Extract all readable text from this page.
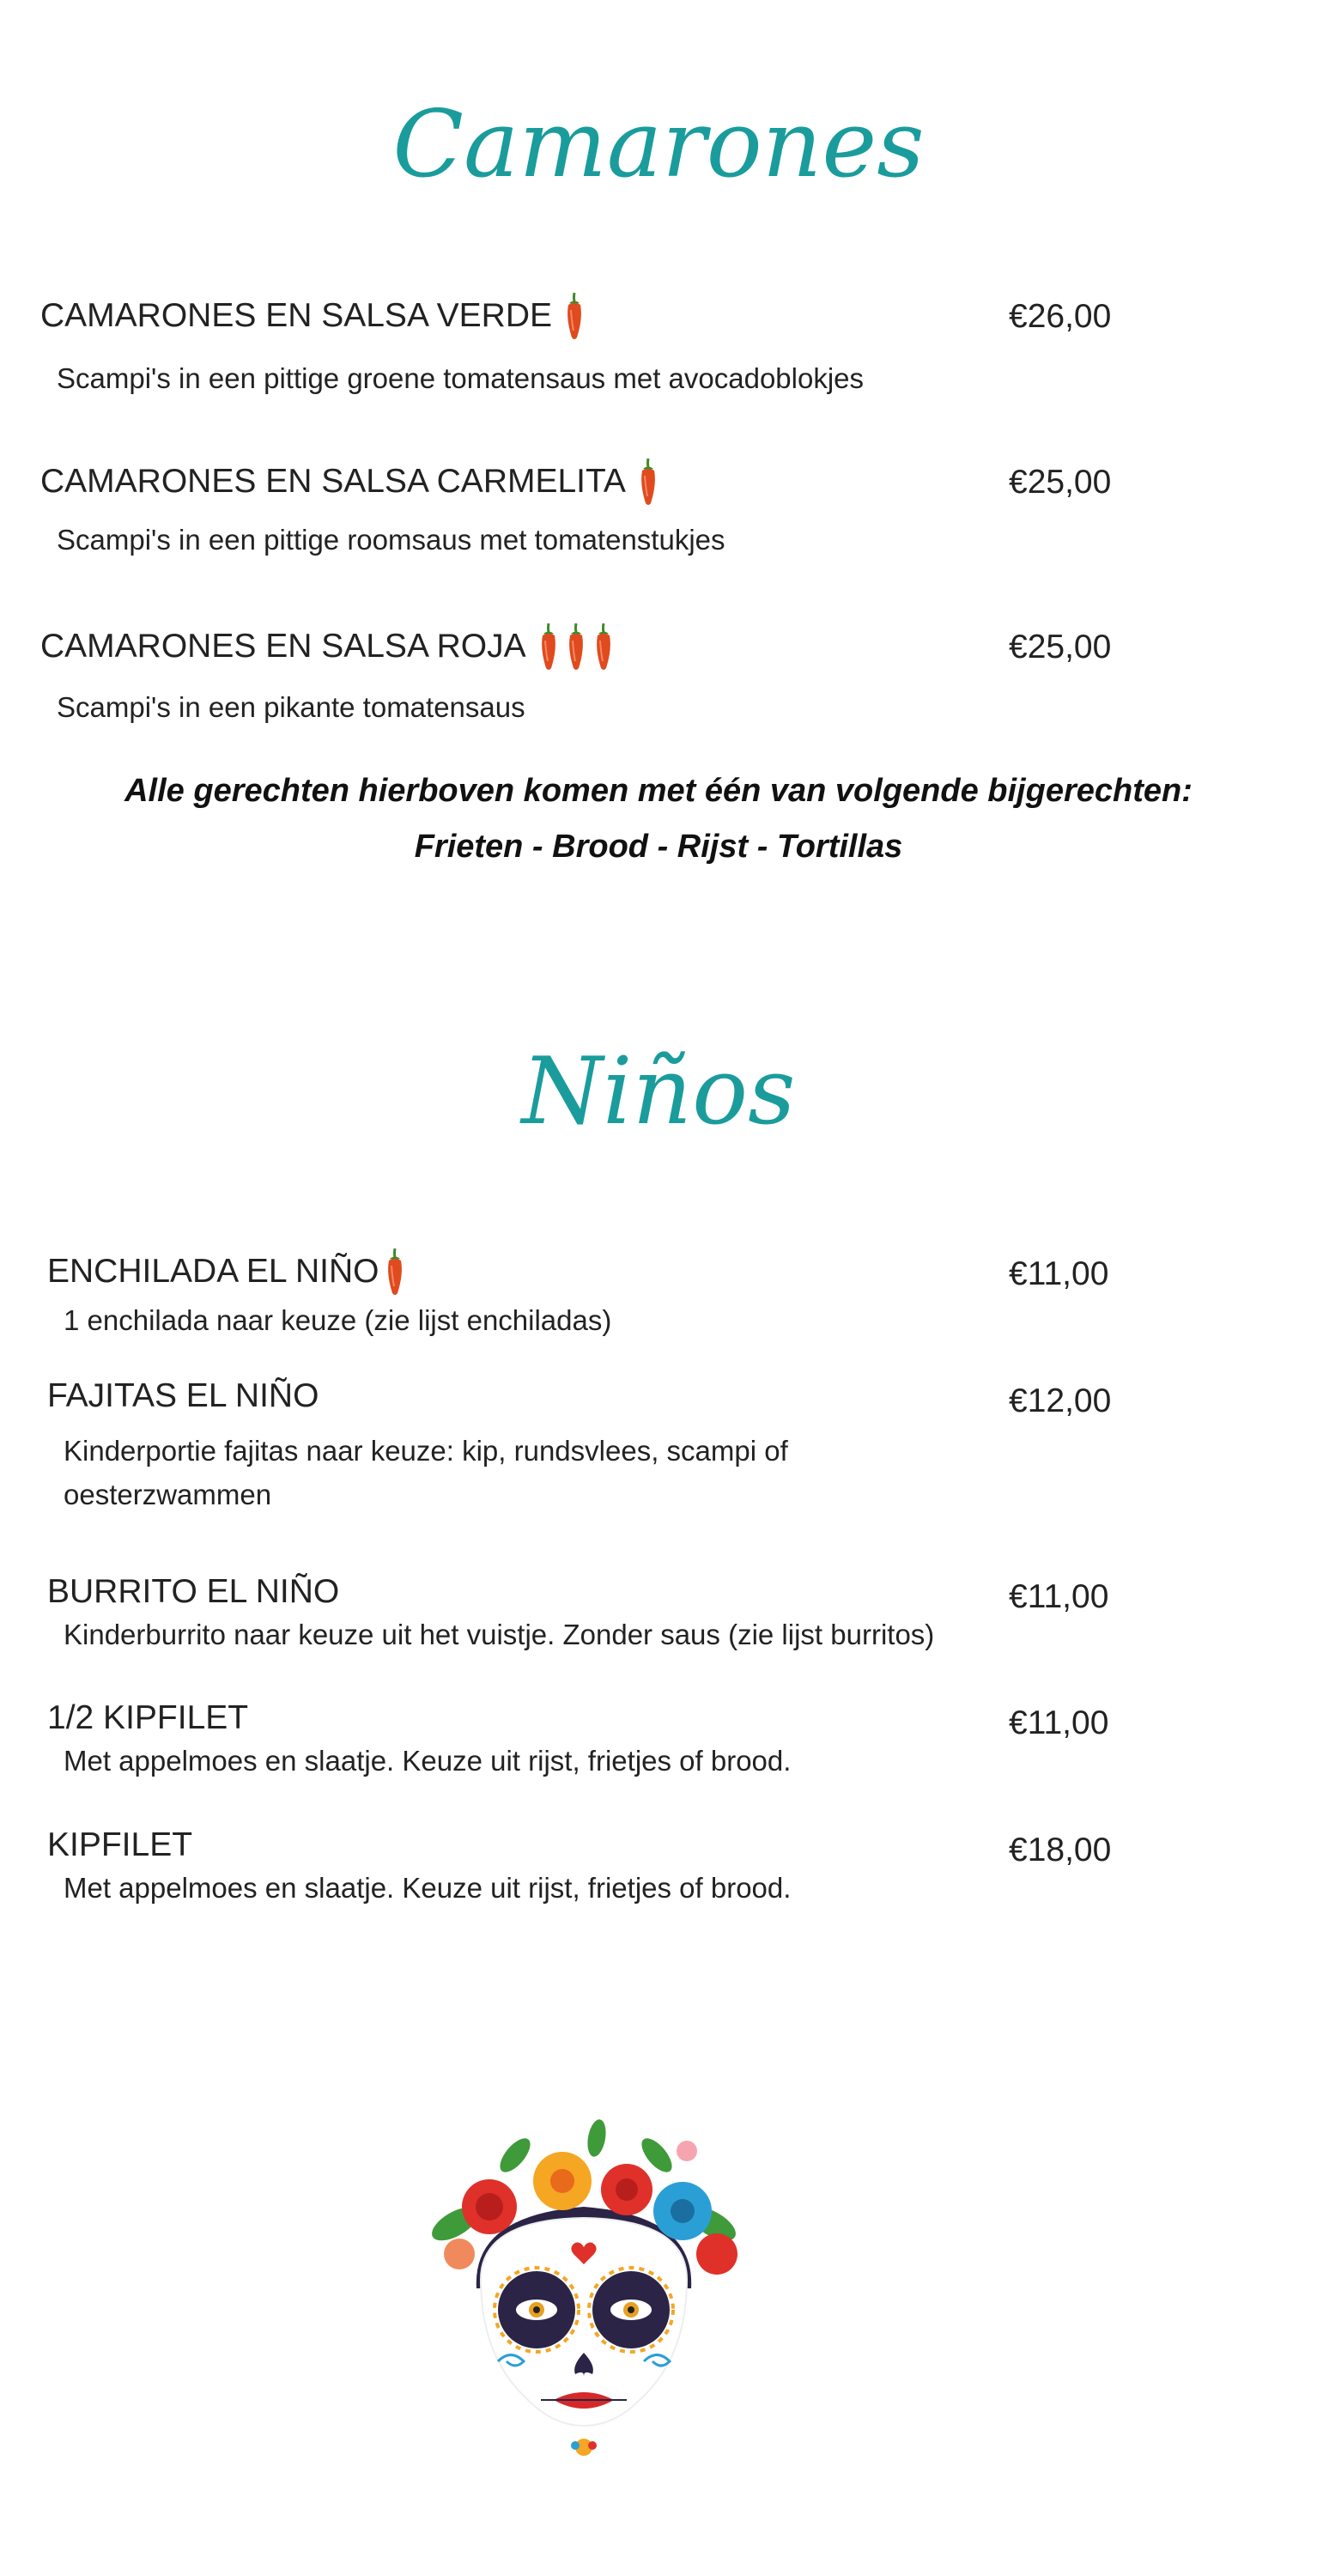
Camarones
CAMARONES EN SALSA VERDE	€26,00
Scampi's in een pittige groene tomatensaus met avocadoblokjes
CAMARONES EN SALSA CARMELITA	€25,00
Scampi's in een pittige roomsaus met tomatenstukjes
CAMARONES EN SALSA ROJA	€25,00
Scampi's in een pikante tomatensaus
Alle gerechten hierboven komen met één van volgende bijgerechten:
Frieten - Brood - Rijst - Tortillas
Niños
ENCHILADA EL NIÑO	€11,00
1 enchilada naar keuze (zie lijst enchiladas)
FAJITAS EL NIÑO	€12,00
Kinderportie fajitas naar keuze: kip, rundsvlees, scampi of oesterzwammen
BURRITO EL NIÑO	€11,00
Kinderburrito naar keuze uit het vuistje. Zonder saus (zie lijst burritos)
1/2 KIPFILET	€11,00
Met appelmoes en slaatje. Keuze uit rijst, frietjes of brood.
KIPFILET	€18,00
Met appelmoes en slaatje. Keuze uit rijst, frietjes of brood.
